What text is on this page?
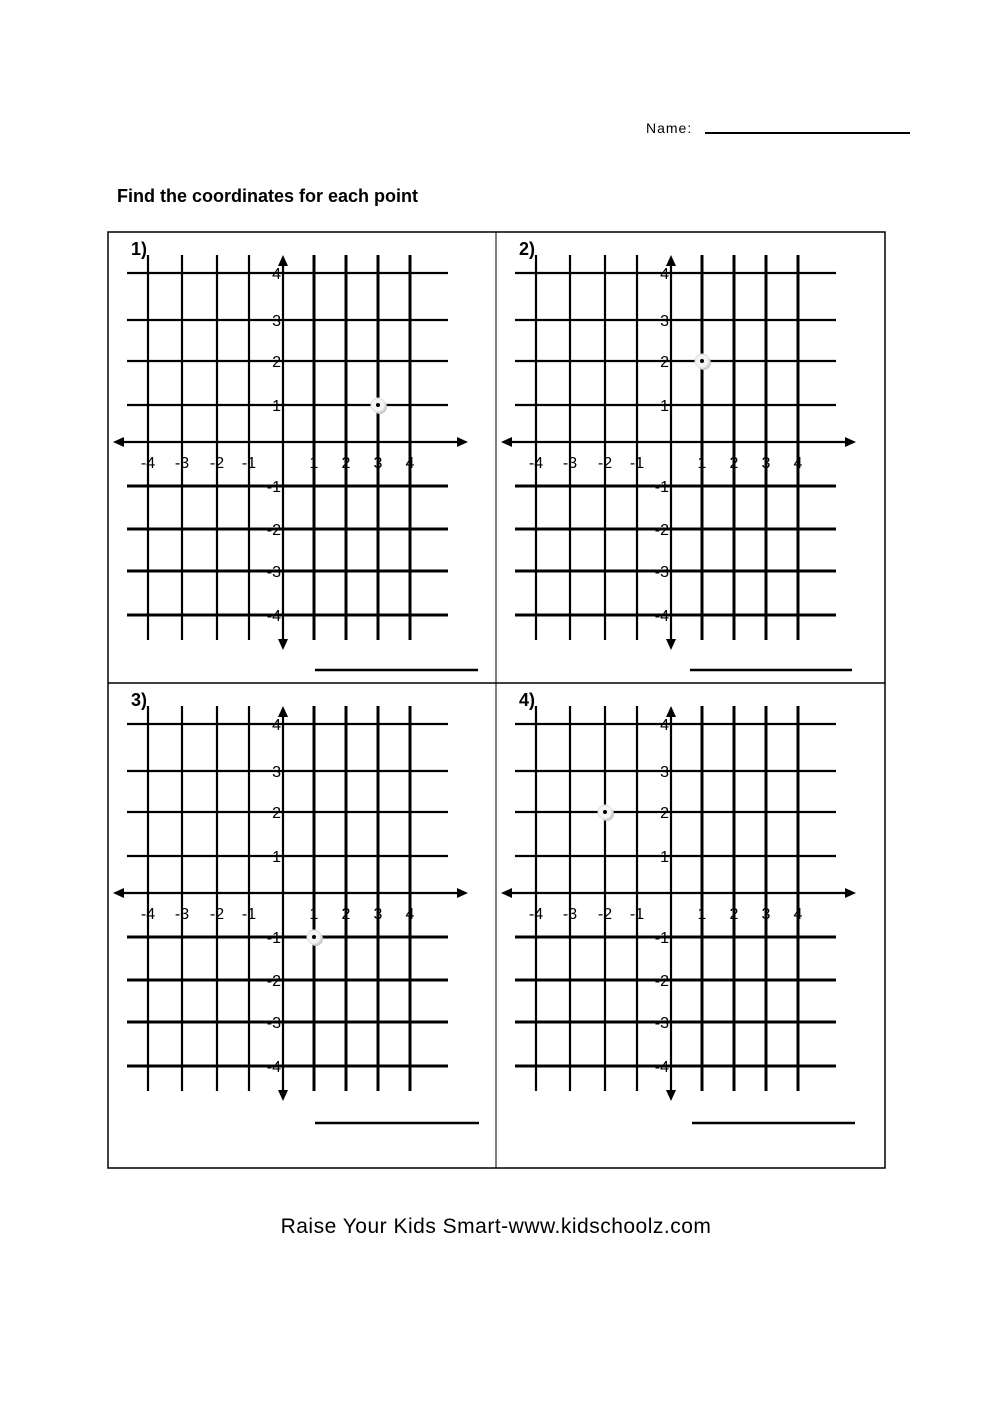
Name:
Find the coordinates for each point
1)
-4 -3 -2 -1	1 2 3 4
4
3
2
1
-1
-2
-3
-4
2)
-4 -3 -2 -1	1 2 3 4
4
3
2
1
-1
-2
-3
-4
3)
-4 -3 -2 -1	1 2 3 4
4
3
2
1
-1
-2
-3
-4
4)
-4 -3 -2 -1	1 2 3 4
4
3
2
1
-1
-2
-3
-4
Raise Your Kids Smart-www.kidschoolz.com
